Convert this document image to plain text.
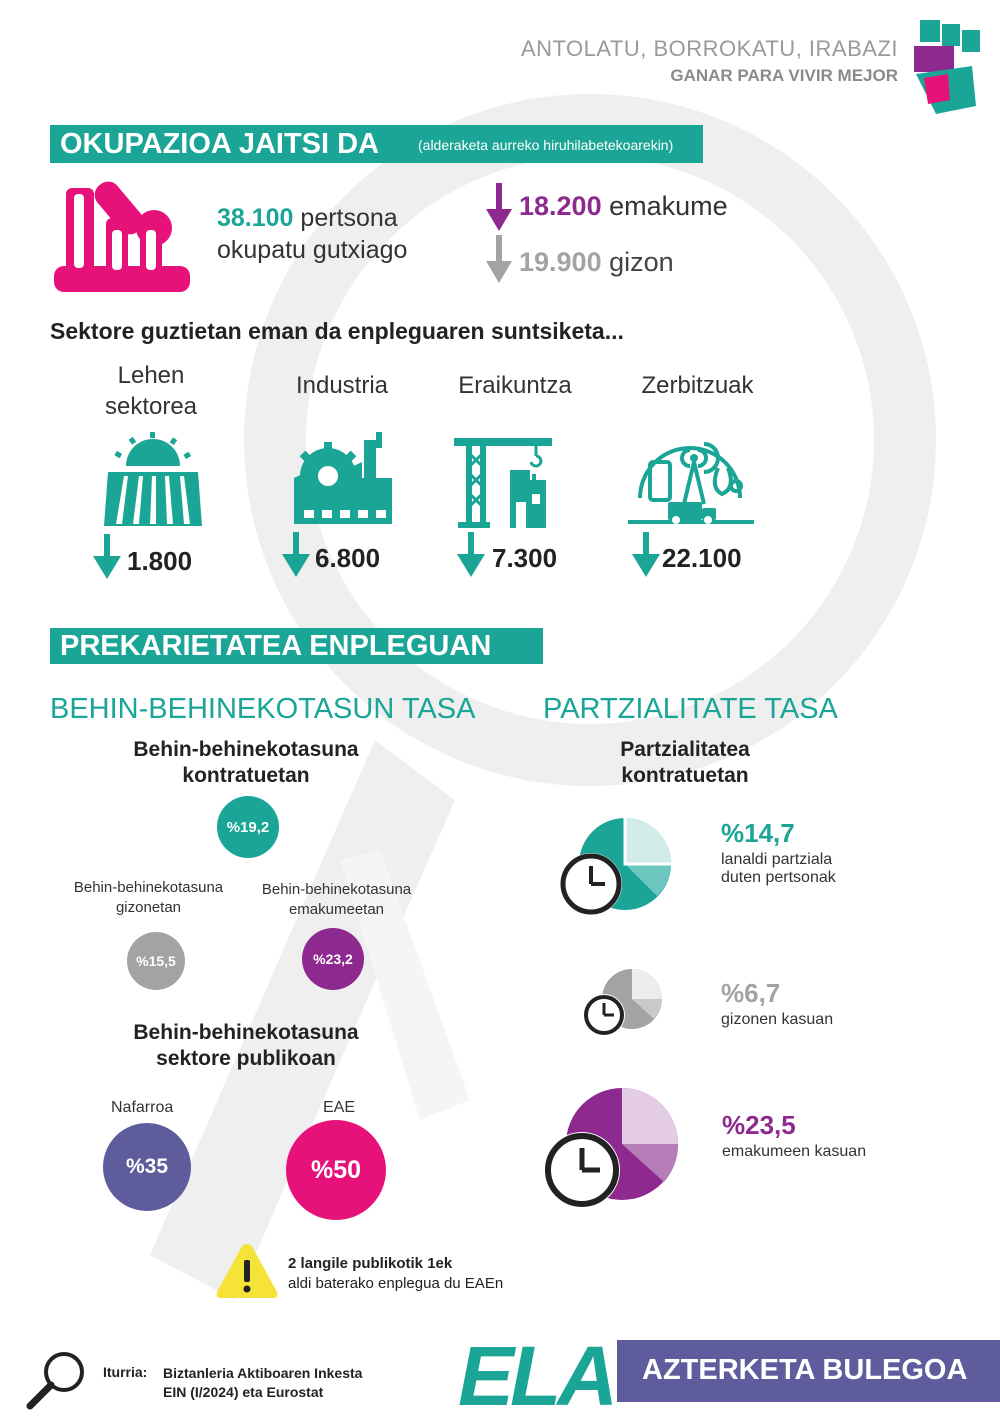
ANTOLATU, BORROKATU, IRABAZI
GANAR PARA VIVIR MEJOR
OKUPAZIOA JAITSI DA	(alderaketa aurreko hiruhilabetekoarekin)
38.100 pertsona
okupatu gutxiago
18.200 emakume
19.900 gizon
Sektore guztietan eman da enpleguaren suntsiketa...
Lehen
sektorea
Industria	Eraikuntza	Zerbitzuak
1.800	6.800	7.300	22.100
PREKARIETATEA ENPLEGUAN
BEHIN-BEHINEKOTASUN TASA PARTZIALITATE TASA
Behin-behinekotasuna
kontratuetan
%19,2
Behin-behinekotasuna
gizonetan
Behin-behinekotasuna
emakumeetan
%15,5	%23,2
Behin-behinekotasuna
sektore publikoan
Nafarroa	EAE
%35	%50
2 langile publikotik 1ek
aldi baterako enplegua du EAEn
Partzialitatea
kontratuetan
%14,7
lanaldi partziala
duten pertsonak
%6,7
gizonen kasuan
%23,5
emakumeen kasuan
Iturria: Biztanleria Aktiboaren Inkesta
EIN (I/2024) eta Eurostat	ELA AZTERKETA BULEGOA
